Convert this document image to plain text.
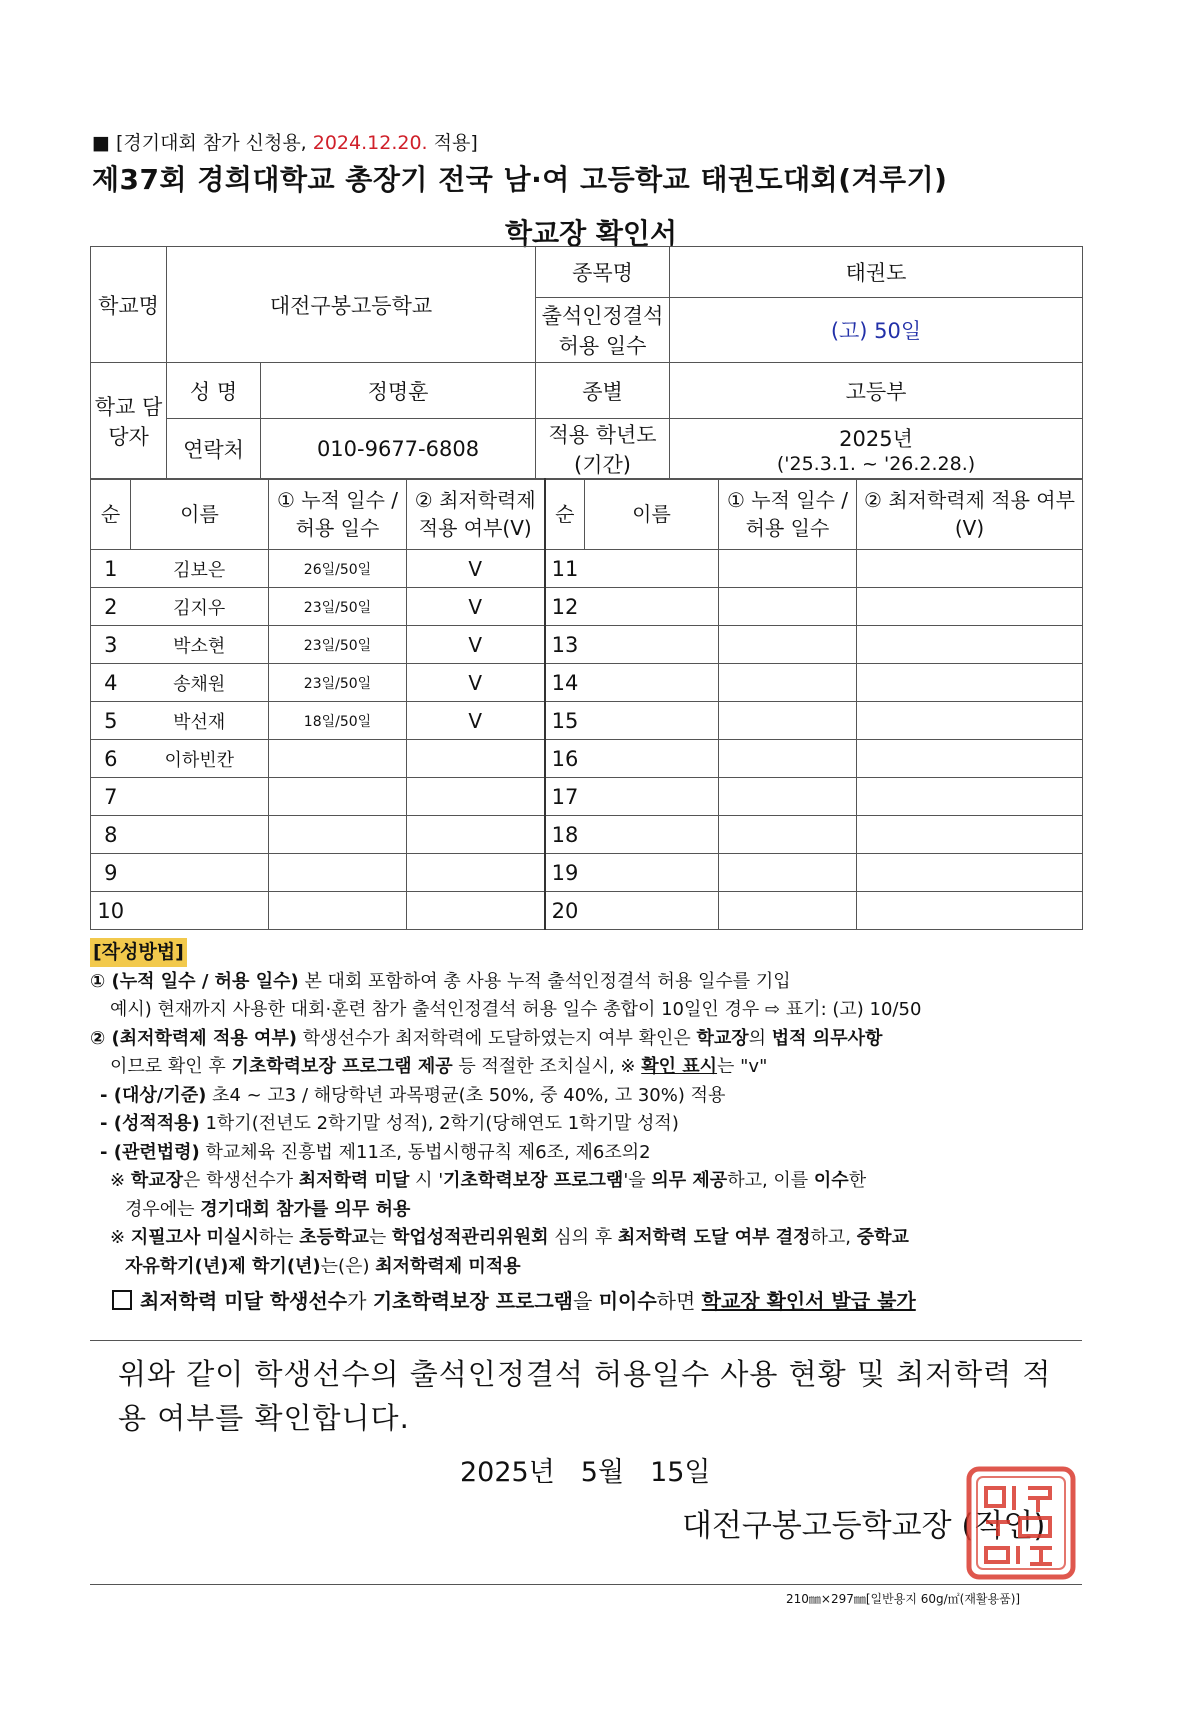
■ [경기대회 참가 신청용, 2024.12.20. 적용]
제37회 경희대학교 총장기 전국 남·여 고등학교 태권도대회(겨루기)
학교장 확인서
학교명	대전구봉고등학교		종목명	태권도
			출석인정결석 허용 일수	(고) 50일
학교 담당자	성 명	정명훈	종별	고등부
	연락처	010-9677-6808	적용 학년도 (기간)	2025년
('25.3.1. ~ '26.2.28.)
순	이름	① 누적 일수 / 허용 일수	② 최저학력제 적용 여부(V)	순	이름	① 누적 일수 / 허용 일수	② 최저학력제 적용 여부(V)
1	김보은	26일/50일	V	11			
2	김지우	23일/50일	V	12			
3	박소현	23일/50일	V	13			
4	송채원	23일/50일	V	14			
5	박선재	18일/50일	V	15			
6	이하빈칸			16			
7				17			
8				18			
9				19			
10				20			
[작성방법]
① (누적 일수 / 허용 일수) 본 대회 포함하여 총 사용 누적 출석인정결석 허용 일수를 기입
예시) 현재까지 사용한 대회·훈련 참가 출석인정결석 허용 일수 총합이 10일인 경우 ⇨ 표기: (고) 10/50
② (최저학력제 적용 여부) 학생선수가 최저학력에 도달하였는지 여부 확인은 학교장의 법적 의무사항
이므로 확인 후 기초학력보장 프로그램 제공 등 적절한 조치실시, ※ 확인 표시는 "v"
- (대상/기준) 초4 ~ 고3 / 해당학년 과목평균(초 50%, 중 40%, 고 30%) 적용
- (성적적용) 1학기(전년도 2학기말 성적), 2학기(당해연도 1학기말 성적)
- (관련법령) 학교체육 진흥법 제11조, 동법시행규칙 제6조, 제6조의2
※ 학교장은 학생선수가 최저학력 미달 시 '기초학력보장 프로그램'을 의무 제공하고, 이를 이수한
경우에는 경기대회 참가를 의무 허용
※ 지필고사 미실시하는 초등학교는 학업성적관리위원회 심의 후 최저학력 도달 여부 결정하고, 중학교
자유학기(년)제 학기(년)는(은) 최저학력제 미적용
최저학력 미달 학생선수가 기초학력보장 프로그램을 미이수하면 학교장 확인서 발급 불가
위와 같이 학생선수의 출석인정결석 허용일수 사용 현황 및 최저학력 적용 여부를 확인합니다.
2025년 5월 15일
대전구봉고등학교장 (직인)
210㎜×297㎜[일반용지 60g/㎡(재활용품)]
